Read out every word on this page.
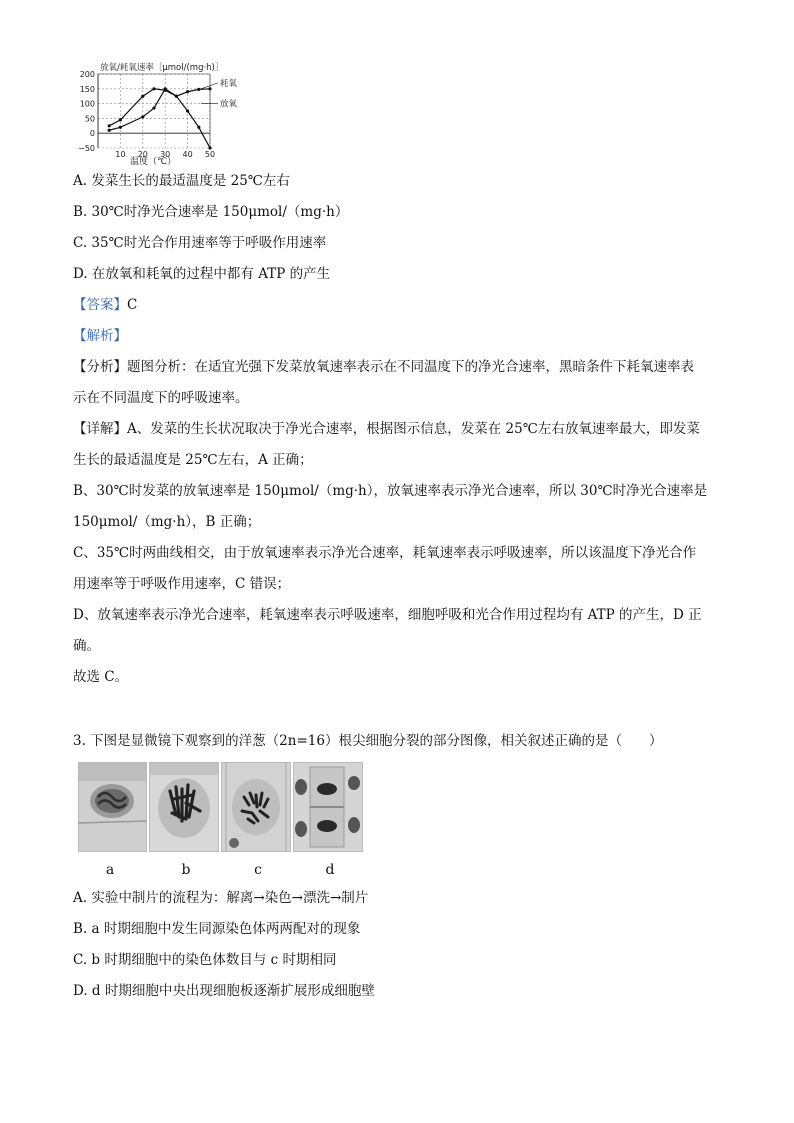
放氧/耗氧速率［μmol/(mg·h)］
200
150
100
50
0
−50
10 20 30 40 50
耗氧
放氧
温度（℃）
A. 发菜生长的最适温度是 25℃左右
B. 30℃时净光合速率是 150μmol/（mg·h）
C. 35℃时光合作用速率等于呼吸作用速率
D. 在放氧和耗氧的过程中都有 ATP 的产生
【答案】C
【解析】
【分析】题图分析：在适宜光强下发菜放氧速率表示在不同温度下的净光合速率，黑暗条件下耗氧速率表
示在不同温度下的呼吸速率。
【详解】A、发菜的生长状况取决于净光合速率，根据图示信息，发菜在 25℃左右放氧速率最大，即发菜
生长的最适温度是 25℃左右，A 正确；
B、30℃时发菜的放氧速率是 150μmol/（mg·h），放氧速率表示净光合速率，所以 30℃时净光合速率是
150μmol/（mg·h），B 正确；
C、35℃时两曲线相交，由于放氧速率表示净光合速率，耗氧速率表示呼吸速率，所以该温度下净光合作
用速率等于呼吸作用速率，C 错误；
D、放氧速率表示净光合速率，耗氧速率表示呼吸速率，细胞呼吸和光合作用过程均有 ATP 的产生，D 正
确。
故选 C。
3. 下图是显微镜下观察到的洋葱（2n=16）根尖细胞分裂的部分图像，相关叙述正确的是（　　）
a	b	c	d
A. 实验中制片的流程为：解离→染色→漂洗→制片
B. a 时期细胞中发生同源染色体两两配对的现象
C. b 时期细胞中的染色体数目与 c 时期相同
D. d 时期细胞中央出现细胞板逐渐扩展形成细胞壁
